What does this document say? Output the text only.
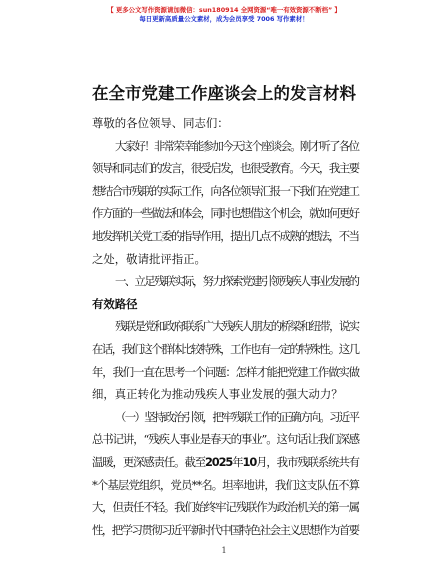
【 更多公文写作资源请加微信：sun180914 全网资源“唯一有效资源不断档” 】
每日更新高质量公文素材，成为会员享受 7006 写作素材！
在全市党建工作座谈会上的发言材料
尊敬的各位领导、同志们：
大家好！非常荣幸能参加今天这个座谈会。刚才听了各位
领导和同志们的发言，很受启发，也很受教育。今天，我主要
想结合市残联的实际工作，向各位领导汇报一下我们在党建工
作方面的一些做法和体会，同时也想借这个机会，就如何更好
地发挥机关党工委的指导作用，提出几点不成熟的想法，不当
之处，敬请批评指正。
一、立足残联实际，努力探索党建引领残疾人事业发展的
有效路径
残联是党和政府联系广大残疾人朋友的桥梁和纽带，说实
在话，我们这个群体比较特殊，工作也有一定的特殊性。这几
年，我们一直在思考一个问题：怎样才能把党建工作做实做
细，真正转化为推动残疾人事业发展的强大动力？
（一）坚持政治引领，把牢残联工作的正确方向。习近平
总书记讲，“残疾人事业是春天的事业”。这句话让我们深感
温暖，更深感责任。截至2025年10月，我市残联系统共有
*个基层党组织，党员**名。坦率地讲，我们这支队伍不算
大，但责任不轻。我们始终牢记残联作为政治机关的第一属
性，把学习贯彻习近平新时代中国特色社会主义思想作为首要
1
